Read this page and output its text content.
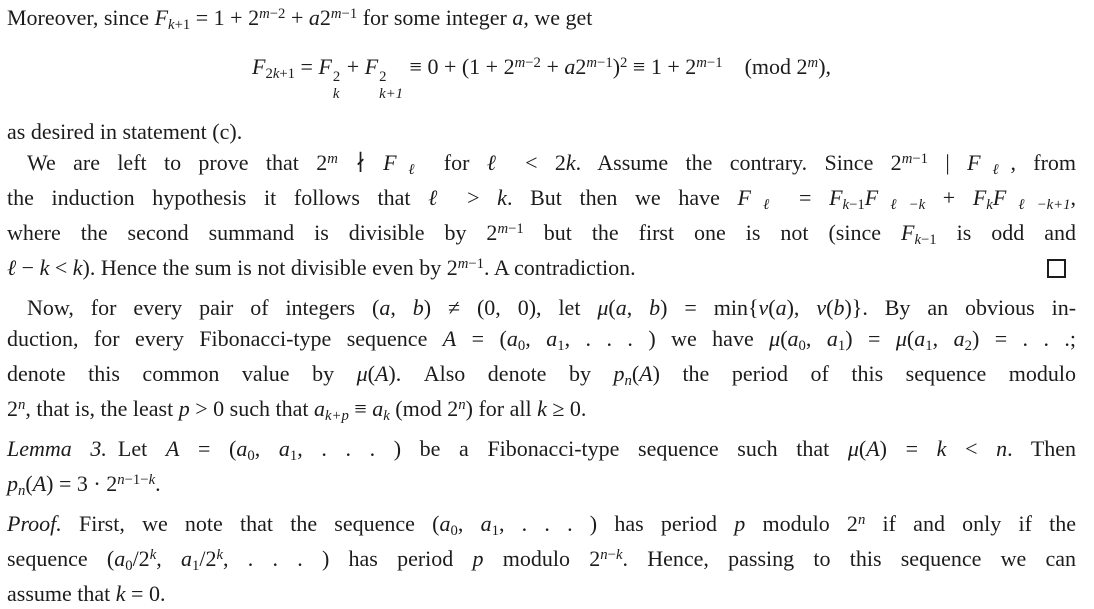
Moreover, since $Fk+1 = 1 + 2^{m-2} + a2^{m-1}$ for some integer a, we get
F2k+1 = F 2
k
+ F 2
k+1
≡ $0 + (1 + 2^{m-2} + a2^{m-1})^2 \equiv 1 + 2^{m-1}$ (mod 2$^m$),
as desired in statement (c).
We are left to prove that 2$^m$ ∤ Fℓ for ℓ < 2k. Assume the contrary. Since $2^{m-1}$ | Fℓ, from
the induction hypothesis it follows that ℓ > k. But then we have Fℓ = Fk−1Fℓ−k + FkFℓ−k+1,
where the second summand is divisible by $2^{m-1}$ but the first one is not (since Fk−1 is odd and
ℓ − k < k). Hence the sum is not divisible even by $2^{m-1}$. A contradiction.
Now, for every pair of integers (a, b) ≠ (0, 0), let μ(a, b) = min{ν(a), ν(b)}. By an obvious in-
duction, for every Fibonacci-type sequence A = (a0, a1, . . . ) we have μ(a0, a1) = μ(a1, a2) = . . .;
denote this common value by μ(A). Also denote by pn(A) the period of this sequence modulo
2$^n$, that is, the least p > 0 such that ak+p ≡ ak (mod 2$^n$) for all k ≥ 0.
Lemma 3. Let A = (a0, a1, . . . ) be a Fibonacci-type sequence such that μ(A) = k < n. Then
$pn(A) = 3 \cdot 2^{n-1-k}$.
Proof. First, we note that the sequence (a0, a1, . . . ) has period p modulo 2$^n$ if and only if the
sequence (a0/2$^k$, a1/2$^k$, . . . ) has period p modulo $2^{n-k}$. Hence, passing to this sequence we can
assume that k = 0.
